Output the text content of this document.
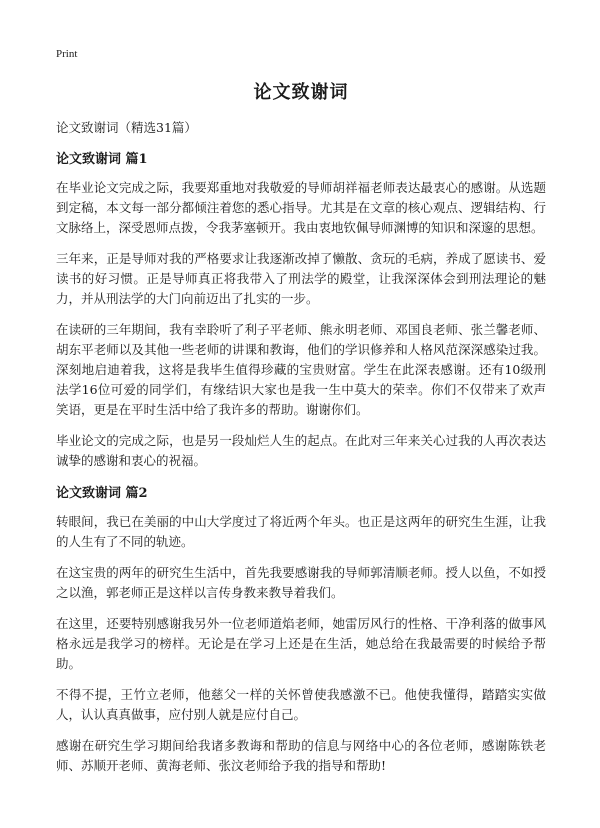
Print
论文致谢词
论文致谢词（精选31篇）
论文致谢词 篇1

在毕业论文完成之际，我要郑重地对我敬爱的导师胡祥福老师表达最衷心的感谢。从选题到定稿，本文每一部分都倾注着您的悉心指导。尤其是在文章的核心观点、逻辑结构、行文脉络上，深受恩师点拨，令我茅塞顿开。我由衷地钦佩导师渊博的知识和深邃的思想。

三年来，正是导师对我的严格要求让我逐渐改掉了懒散、贪玩的毛病，养成了愿读书、爱读书的好习惯。正是导师真正将我带入了刑法学的殿堂，让我深深体会到刑法理论的魅力，并从刑法学的大门向前迈出了扎实的一步。

在读研的三年期间，我有幸聆听了利子平老师、熊永明老师、邓国良老师、张兰馨老师、胡东平老师以及其他一些老师的讲课和教诲，他们的学识修养和人格风范深深感染过我。深刻地启迪着我，这将是我毕生值得珍藏的宝贵财富。学生在此深表感谢。还有10级刑法学16位可爱的同学们，有缘结识大家也是我一生中莫大的荣幸。你们不仅带来了欢声笑语，更是在平时生活中给了我许多的帮助。谢谢你们。

毕业论文的完成之际，也是另一段灿烂人生的起点。在此对三年来关心过我的人再次表达诚挚的感谢和衷心的祝福。

论文致谢词 篇2

转眼间，我已在美丽的中山大学度过了将近两个年头。也正是这两年的研究生生涯，让我的人生有了不同的轨迹。

在这宝贵的两年的研究生生活中，首先我要感谢我的导师郭清顺老师。授人以鱼，不如授之以渔，郭老师正是这样以言传身教来教导着我们。

在这里，还要特别感谢我另外一位老师道焰老师，她雷厉风行的性格、干净利落的做事风格永远是我学习的榜样。无论是在学习上还是在生活，她总给在我最需要的时候给予帮助。

不得不提，王竹立老师，他慈父一样的关怀曾使我感激不已。他使我懂得，踏踏实实做人，认认真真做事，应付别人就是应付自己。

感谢在研究生学习期间给我诸多教诲和帮助的信息与网络中心的各位老师，感谢陈铁老师、苏顺开老师、黄海老师、张汶老师给予我的指导和帮助!
